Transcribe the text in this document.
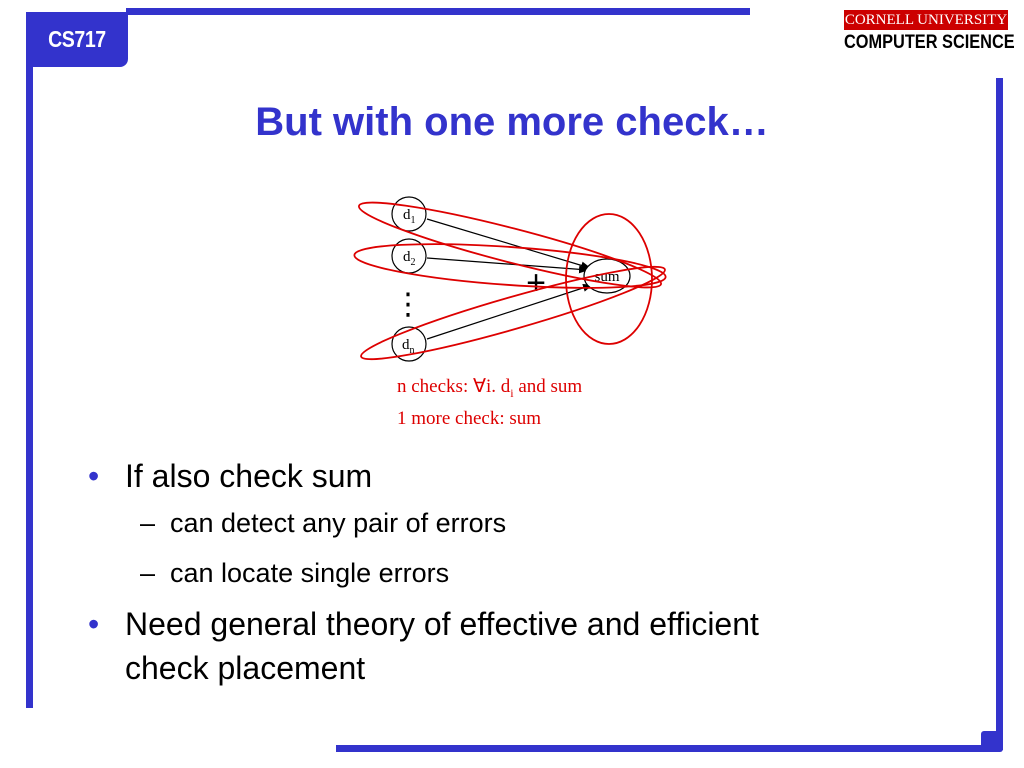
CS717
CORNELL UNIVERSITY
COMPUTER SCIENCE
But with one more check…
$d_1$
$d_2$
$d_n$
sum
⋮
+
n checks: ∀i. $d_i$ and sum
1 more check: sum
• If also check sum
– can detect any pair of errors
– can locate single errors
• Need general theory of effective and efficient
check placement
